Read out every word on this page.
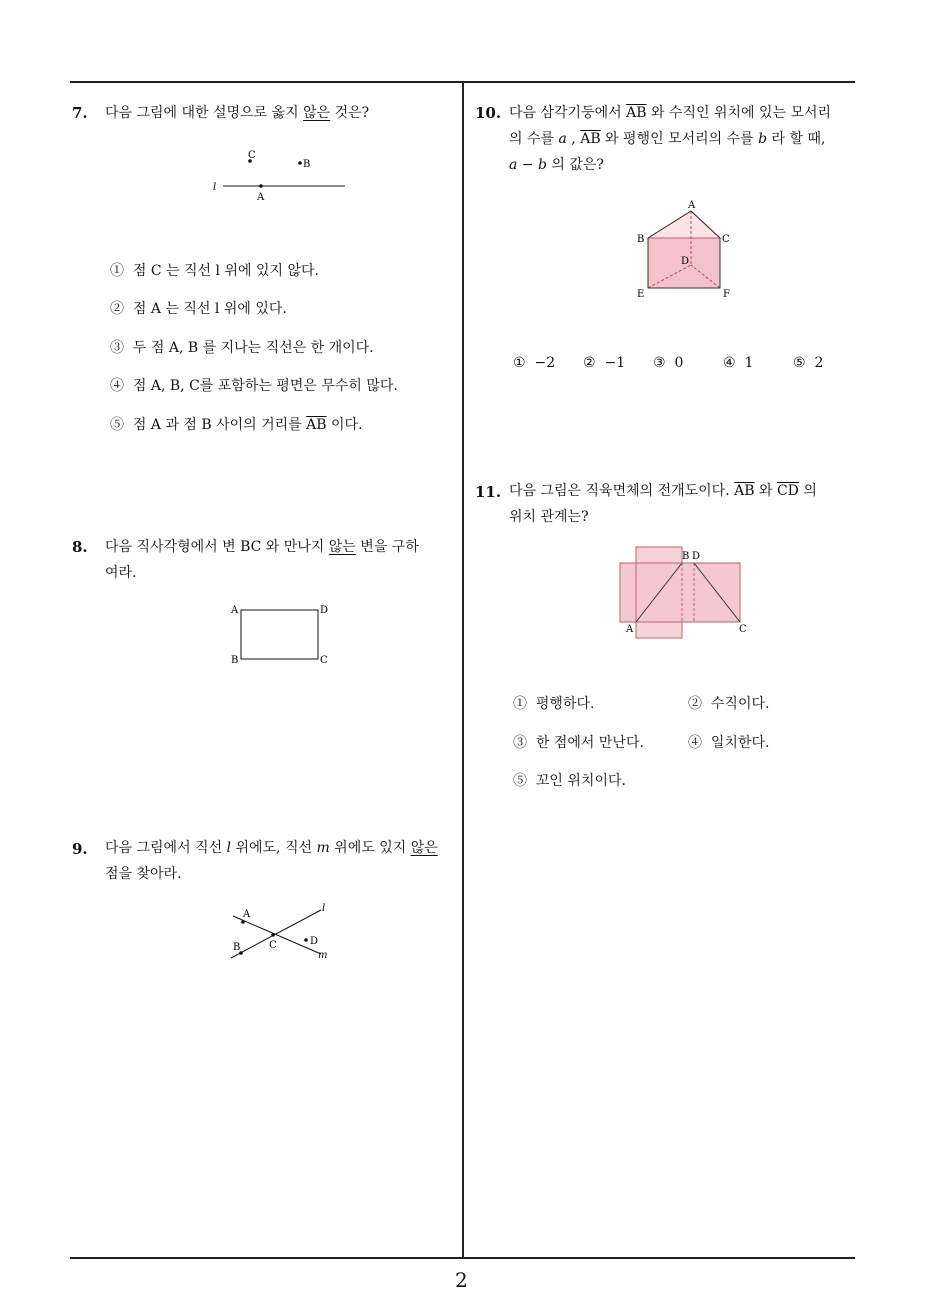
2
7. 다음 그림에 대한 설명으로 옳지 않은 것은?
C
B
l
A
① 점 C 는 직선 l 위에 있지 않다.
② 점 A 는 직선 l 위에 있다.
③ 두 점 A, B 를 지나는 직선은 한 개이다.
④ 점 A, B, C를 포함하는 평면은 무수히 많다.
⑤ 점 A 과 점 B 사이의 거리를 $\overline{AB}$ 이다.
8. 다음 직사각형에서 변 BC 와 만나지 않는 변을 구하
여라.
A	D
B	C
9. 다음 그림에서 직선 l 위에도, 직선 m 위에도 있지 않은
점을 찾아라.
A
B	C	D
l
m
10. 다음 삼각기둥에서 $\overline{AB}$ 와 수직인 위치에 있는 모서리
의 수를 a , $\overline{AB}$ 와 평행인 모서리의 수를 b 라 할 때,
a − b 의 값은?
A
B	C
D
E	F
① −2 ② −1 ③ 0	④ 1	⑤ 2
11. 다음 그림은 직육면체의 전개도이다. $\overline{AB}$ 와 $\overline{CD}$ 의
위치 관계는?
A
B D
C
① 평행하다.	② 수직이다.
③ 한 점에서 만난다.	④ 일치한다.
⑤ 꼬인 위치이다.
